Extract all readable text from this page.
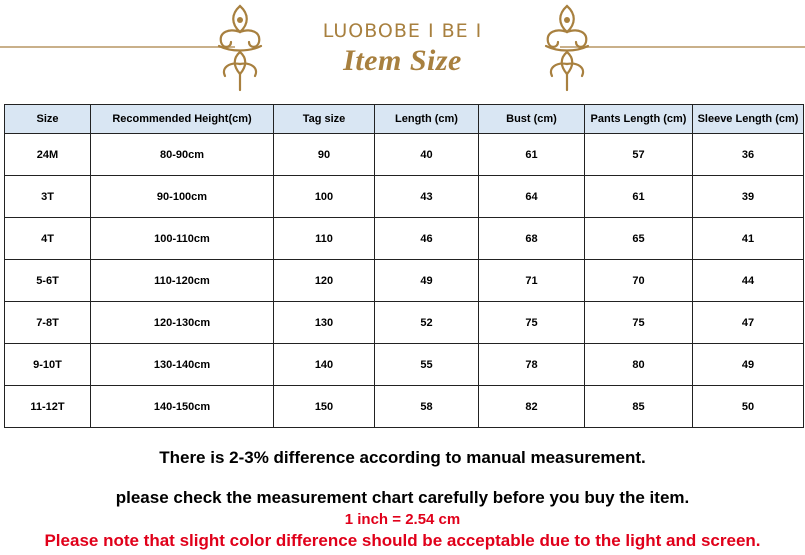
LUOBOBE I BE I
Item Size
Size	Recommended Height(cm)	Tag size	Length (cm)	Bust (cm)	Pants Length (cm)	Sleeve Length (cm)
24M	80-90cm	90	40	61	57	36
3T	90-100cm	100	43	64	61	39
4T	100-110cm	110	46	68	65	41
5-6T	110-120cm	120	49	71	70	44
7-8T	120-130cm	130	52	75	75	47
9-10T	130-140cm	140	55	78	80	49
11-12T	140-150cm	150	58	82	85	50
There is 2-3% difference according to manual measurement.
please check the measurement chart carefully before you buy the item.
1 inch = 2.54 cm
Please note that slight color difference should be acceptable due to the light and screen.
